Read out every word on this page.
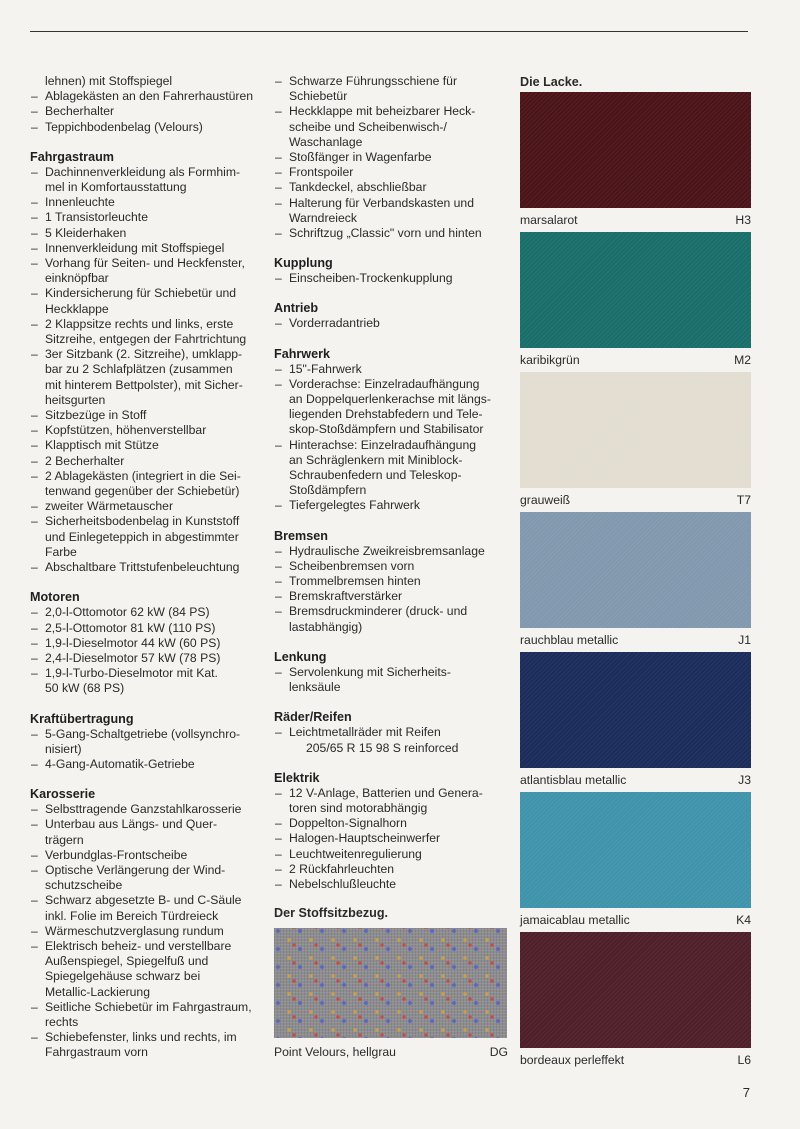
lehnen) mit Stoffspiegel
– Ablagekästen an den Fahrerhaustüren
– Becherhalter
– Teppichbodenbelag (Velours)
Fahrgastraum
– Dachinnenverkleidung als Formhim-
mel in Komfortausstattung
– Innenleuchte
– 1 Transistorleuchte
– 5 Kleiderhaken
– Innenverkleidung mit Stoffspiegel
– Vorhang für Seiten- und Heckfenster,
einknöpfbar
– Kindersicherung für Schiebetür und
Heckklappe
– 2 Klappsitze rechts und links, erste
Sitzreihe, entgegen der Fahrtrichtung
– 3er Sitzbank (2. Sitzreihe), umklapp-
bar zu 2 Schlafplätzen (zusammen
mit hinterem Bettpolster), mit Sicher-
heitsgurten
– Sitzbezüge in Stoff
– Kopfstützen, höhenverstellbar
– Klapptisch mit Stütze
– 2 Becherhalter
– 2 Ablagekästen (integriert in die Sei-
tenwand gegenüber der Schiebetür)
– zweiter Wärmetauscher
– Sicherheitsbodenbelag in Kunststoff
und Einlegeteppich in abgestimmter
Farbe
– Abschaltbare Trittstufenbeleuchtung
Motoren
– 2,0-l-Ottomotor 62 kW (84 PS)
– 2,5-l-Ottomotor 81 kW (110 PS)
– 1,9-l-Dieselmotor 44 kW (60 PS)
– 2,4-l-Dieselmotor 57 kW (78 PS)
– 1,9-l-Turbo-Dieselmotor mit Kat.
50 kW (68 PS)
Kraftübertragung
– 5-Gang-Schaltgetriebe (vollsynchro-
nisiert)
– 4-Gang-Automatik-Getriebe
Karosserie
– Selbsttragende Ganzstahlkarosserie
– Unterbau aus Längs- und Quer-
trägern
– Verbundglas-Frontscheibe
– Optische Verlängerung der Wind-
schutzscheibe
– Schwarz abgesetzte B- und C-Säule
inkl. Folie im Bereich Türdreieck
– Wärmeschutzverglasung rundum
– Elektrisch beheiz- und verstellbare
Außenspiegel, Spiegelfuß und
Spiegelgehäuse schwarz bei
Metallic-Lackierung
– Seitliche Schiebetür im Fahrgastraum,
rechts
– Schiebefenster, links und rechts, im
Fahrgastraum vorn
– Schwarze Führungsschiene für
Schiebetür
– Heckklappe mit beheizbarer Heck-
scheibe und Scheibenwisch-/
Waschanlage
– Stoßfänger in Wagenfarbe
– Frontspoiler
– Tankdeckel, abschließbar
– Halterung für Verbandskasten und
Warndreieck
– Schriftzug „Classic" vorn und hinten
Kupplung
– Einscheiben-Trockenkupplung
Antrieb
– Vorderradantrieb
Fahrwerk
– 15"-Fahrwerk
– Vorderachse: Einzelradaufhängung
an Doppelquerlenkerachse mit längs-
liegenden Drehstabfedern und Tele-
skop-Stoßdämpfern und Stabilisator
– Hinterachse: Einzelradaufhängung
an Schräglenkern mit Miniblock-
Schraubenfedern und Teleskop-
Stoßdämpfern
– Tiefergelegtes Fahrwerk
Bremsen
– Hydraulische Zweikreisbremsanlage
– Scheibenbremsen vorn
– Trommelbremsen hinten
– Bremskraftverstärker
– Bremsdruckminderer (druck- und
lastabhängig)
Lenkung
– Servolenkung mit Sicherheits-
lenksäule
Räder/Reifen
– Leichtmetallräder mit Reifen
205/65 R 15 98 S reinforced
Elektrik
– 12 V-Anlage, Batterien und Genera-
toren sind motorabhängig
– Doppelton-Signalhorn
– Halogen-Hauptscheinwerfer
– Leuchtweitenregulierung
– 2 Rückfahrleuchten
– Nebelschlußleuchte
Der Stoffsitzbezug.
Point Velours, hellgrau	DG
Die Lacke.
marsalarot	H3
karibikgrün	M2
grauweiß	T7
rauchblau metallic	J1
atlantisblau metallic	J3
jamaicablau metallic	K4
bordeaux perleffekt	L6
7
